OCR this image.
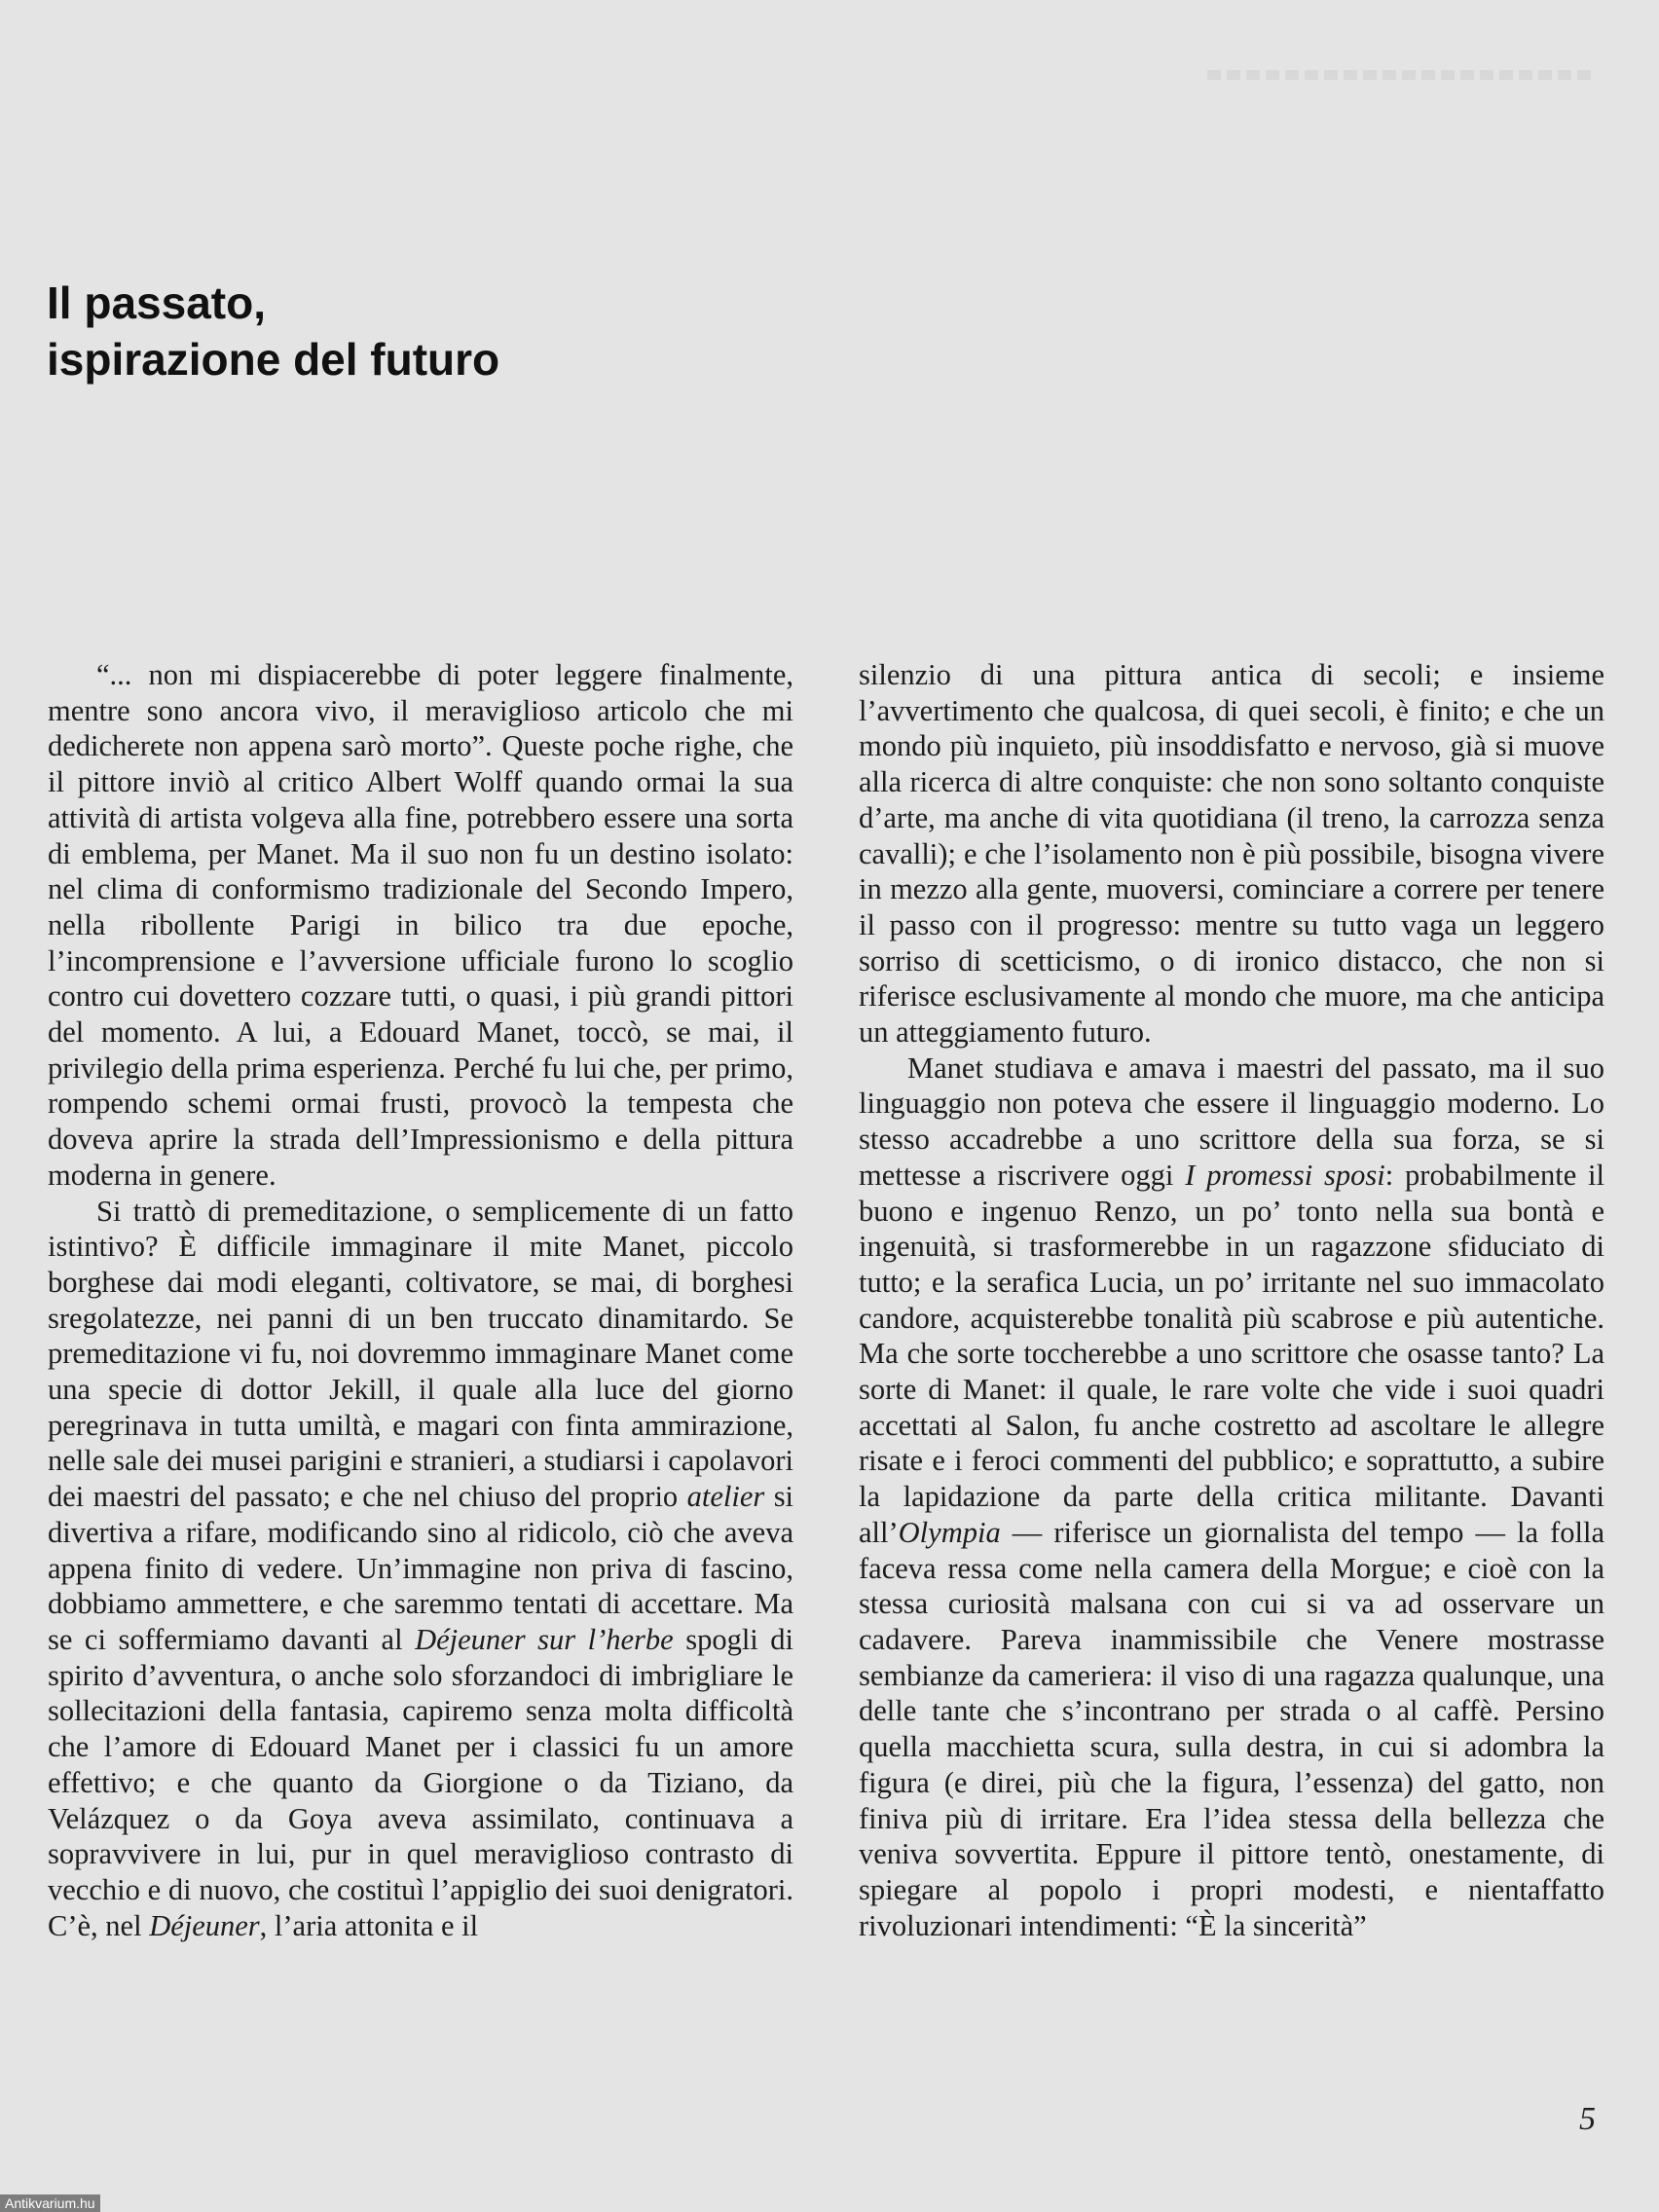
Il passato,
ispirazione del futuro

“... non mi dispiacerebbe di poter leggere finalmente, mentre sono ancora vivo, il meraviglioso articolo che mi dedicherete non appena sarò morto”. Queste poche righe, che il pittore inviò al critico Albert Wolff quando ormai la sua attività di artista volgeva alla fine, potrebbero essere una sorta di emblema, per Manet. Ma il suo non fu un destino isolato: nel clima di conformismo tradizionale del Secondo Impero, nella ribollente Parigi in bilico tra due epoche, l’incomprensione e l’avversione ufficiale furono lo scoglio contro cui dovettero cozzare tutti, o quasi, i più grandi pittori del momento. A lui, a Edouard Manet, toccò, se mai, il privilegio della prima esperienza. Perché fu lui che, per primo, rompendo schemi ormai frusti, provocò la tempesta che doveva aprire la strada dell’Impressionismo e della pittura moderna in genere.

Si trattò di premeditazione, o semplicemente di un fatto istintivo? È difficile immaginare il mite Manet, piccolo borghese dai modi eleganti, coltivatore, se mai, di borghesi sregolatezze, nei panni di un ben truccato dinamitardo. Se premeditazione vi fu, noi dovremmo immaginare Manet come una specie di dottor Jekill, il quale alla luce del giorno peregrinava in tutta umiltà, e magari con finta ammirazione, nelle sale dei musei parigini e stranieri, a studiarsi i capolavori dei maestri del passato; e che nel chiuso del proprio atelier si divertiva a rifare, modificando sino al ridicolo, ciò che aveva appena finito di vedere. Un’immagine non priva di fascino, dobbiamo ammettere, e che saremmo tentati di accettare. Ma se ci soffermiamo davanti al Déjeuner sur l’herbe spogli di spirito d’avventura, o anche solo sforzandoci di imbrigliare le sollecitazioni della fantasia, capiremo senza molta difficoltà che l’amore di Edouard Manet per i classici fu un amore effettivo; e che quanto da Giorgione o da Tiziano, da Velázquez o da Goya aveva assimilato, continuava a sopravvivere in lui, pur in quel meraviglioso contrasto di vecchio e di nuovo, che costituì l’appiglio dei suoi denigratori. C’è, nel Déjeuner, l’aria attonita e il

silenzio di una pittura antica di secoli; e insieme l’avvertimento che qualcosa, di quei secoli, è finito; e che un mondo più inquieto, più insoddisfatto e nervoso, già si muove alla ricerca di altre conquiste: che non sono soltanto conquiste d’arte, ma anche di vita quotidiana (il treno, la carrozza senza cavalli); e che l’isolamento non è più possibile, bisogna vivere in mezzo alla gente, muoversi, cominciare a correre per tenere il passo con il progresso: mentre su tutto vaga un leggero sorriso di scetticismo, o di ironico distacco, che non si riferisce esclusivamente al mondo che muore, ma che anticipa un atteggiamento futuro.

Manet studiava e amava i maestri del passato, ma il suo linguaggio non poteva che essere il linguaggio moderno. Lo stesso accadrebbe a uno scrittore della sua forza, se si mettesse a riscrivere oggi I promessi sposi: probabilmente il buono e ingenuo Renzo, un po’ tonto nella sua bontà e ingenuità, si trasformerebbe in un ragazzone sfiduciato di tutto; e la serafica Lucia, un po’ irritante nel suo immacolato candore, acquisterebbe tonalità più scabrose e più autentiche. Ma che sorte toccherebbe a uno scrittore che osasse tanto? La sorte di Manet: il quale, le rare volte che vide i suoi quadri accettati al Salon, fu anche costretto ad ascoltare le allegre risate e i feroci commenti del pubblico; e soprattutto, a subire la lapidazione da parte della critica militante. Davanti all’Olympia — riferisce un giornalista del tempo — la folla faceva ressa come nella camera della Morgue; e cioè con la stessa curiosità malsana con cui si va ad osservare un cadavere. Pareva inammissibile che Venere mostrasse sembianze da cameriera: il viso di una ragazza qualunque, una delle tante che s’incontrano per strada o al caffè. Persino quella macchietta scura, sulla destra, in cui si adombra la figura (e direi, più che la figura, l’essenza) del gatto, non finiva più di irritare. Era l’idea stessa della bellezza che veniva sovvertita. Eppure il pittore tentò, onestamente, di spiegare al popolo i propri modesti, e nientaffatto rivoluzionari intendimenti: “È la sincerità”

5
Antikvarium.hu
